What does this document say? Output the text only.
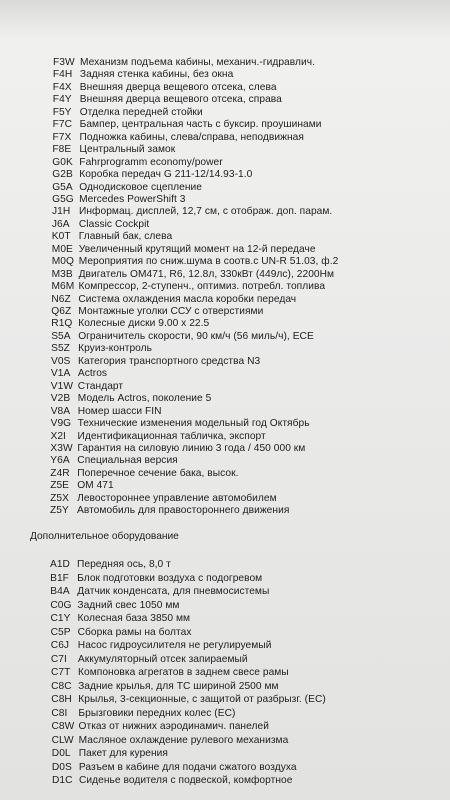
F3W Механизм подъема кабины, механич.-гидравлич.
F4H Задняя стенка кабины, без окна
F4X Внешняя дверца вещевого отсека, слева
F4Y Внешняя дверца вещевого отсека, справа
F5Y Отделка передней стойки
F7C Бампер, центральная часть с буксир. проушинами
F7X Подножка кабины, слева/справа, неподвижная
F8E Центральный замок
G0K Fahrprogramm economy/power
G2B Коробка передач G 211-12/14.93-1.0
G5A Однодисковое сцепление
G5G Mercedes PowerShift 3
J1H Информац. дисплей, 12,7 см, с отображ. доп. парам.
J6A Classic Cockpit
K0T Главный бак, слева
M0E Увеличенный крутящий момент на 12-й передаче
M0Q Мероприятия по сниж.шума в соотв.с UN-R 51.03, ф.2
M3B Двигатель OM471, R6, 12.8л, 330кВт (449лс), 2200Нм
M6M Компрессор, 2-ступенч., оптимиз. потребл. топлива
N6Z Система охлаждения масла коробки передач
Q6Z Монтажные уголки ССУ с отверстиями
R1Q Колесные диски 9.00 x 22.5
S5A Ограничитель скорости, 90 км/ч (56 миль/ч), ECE
S5Z Круиз-контроль
V0S Категория транспортного средства N3
V1A Actros
V1W Стандарт
V2B Модель Actros, поколение 5
V8A Номер шасси FIN
V9G Технические изменения модельный год Октябрь
X2I Идентификационная табличка, экспорт
X3W Гарантия на силовую линию 3 года / 450 000 км
Y6A Специальная версия
Z4R Поперечное сечение бака, высок.
Z5E OM 471
Z5X Левостороннее управление автомобилем
Z5Y Автомобиль для правостороннего движения
Дополнительное оборудование
A1D Передняя ось, 8,0 т
B1F Блок подготовки воздуха с подогревом
B4A Датчик конденсата, для пневмосистемы
C0G Задний свес 1050 мм
C1Y Колесная база 3850 мм
C5P Сборка рамы на болтах
C6J Насос гидроусилителя не регулируемый
C7I Аккумуляторный отсек запираемый
C7T Компоновка агрегатов в заднем свесе рамы
C8C Задние крылья, для ТС шириной 2500 мм
C8H Крылья, 3-секционные, с защитой от разбрызг. (ЕС)
C8I Брызговики передних колес (ЕС)
C8W Отказ от нижних аэродинамич. панелей
CLW Масляное охлаждение рулевого механизма
D0L Пакет для курения
D0S Разъем в кабине для подачи сжатого воздуха
D1C Сиденье водителя с подвеской, комфортное
